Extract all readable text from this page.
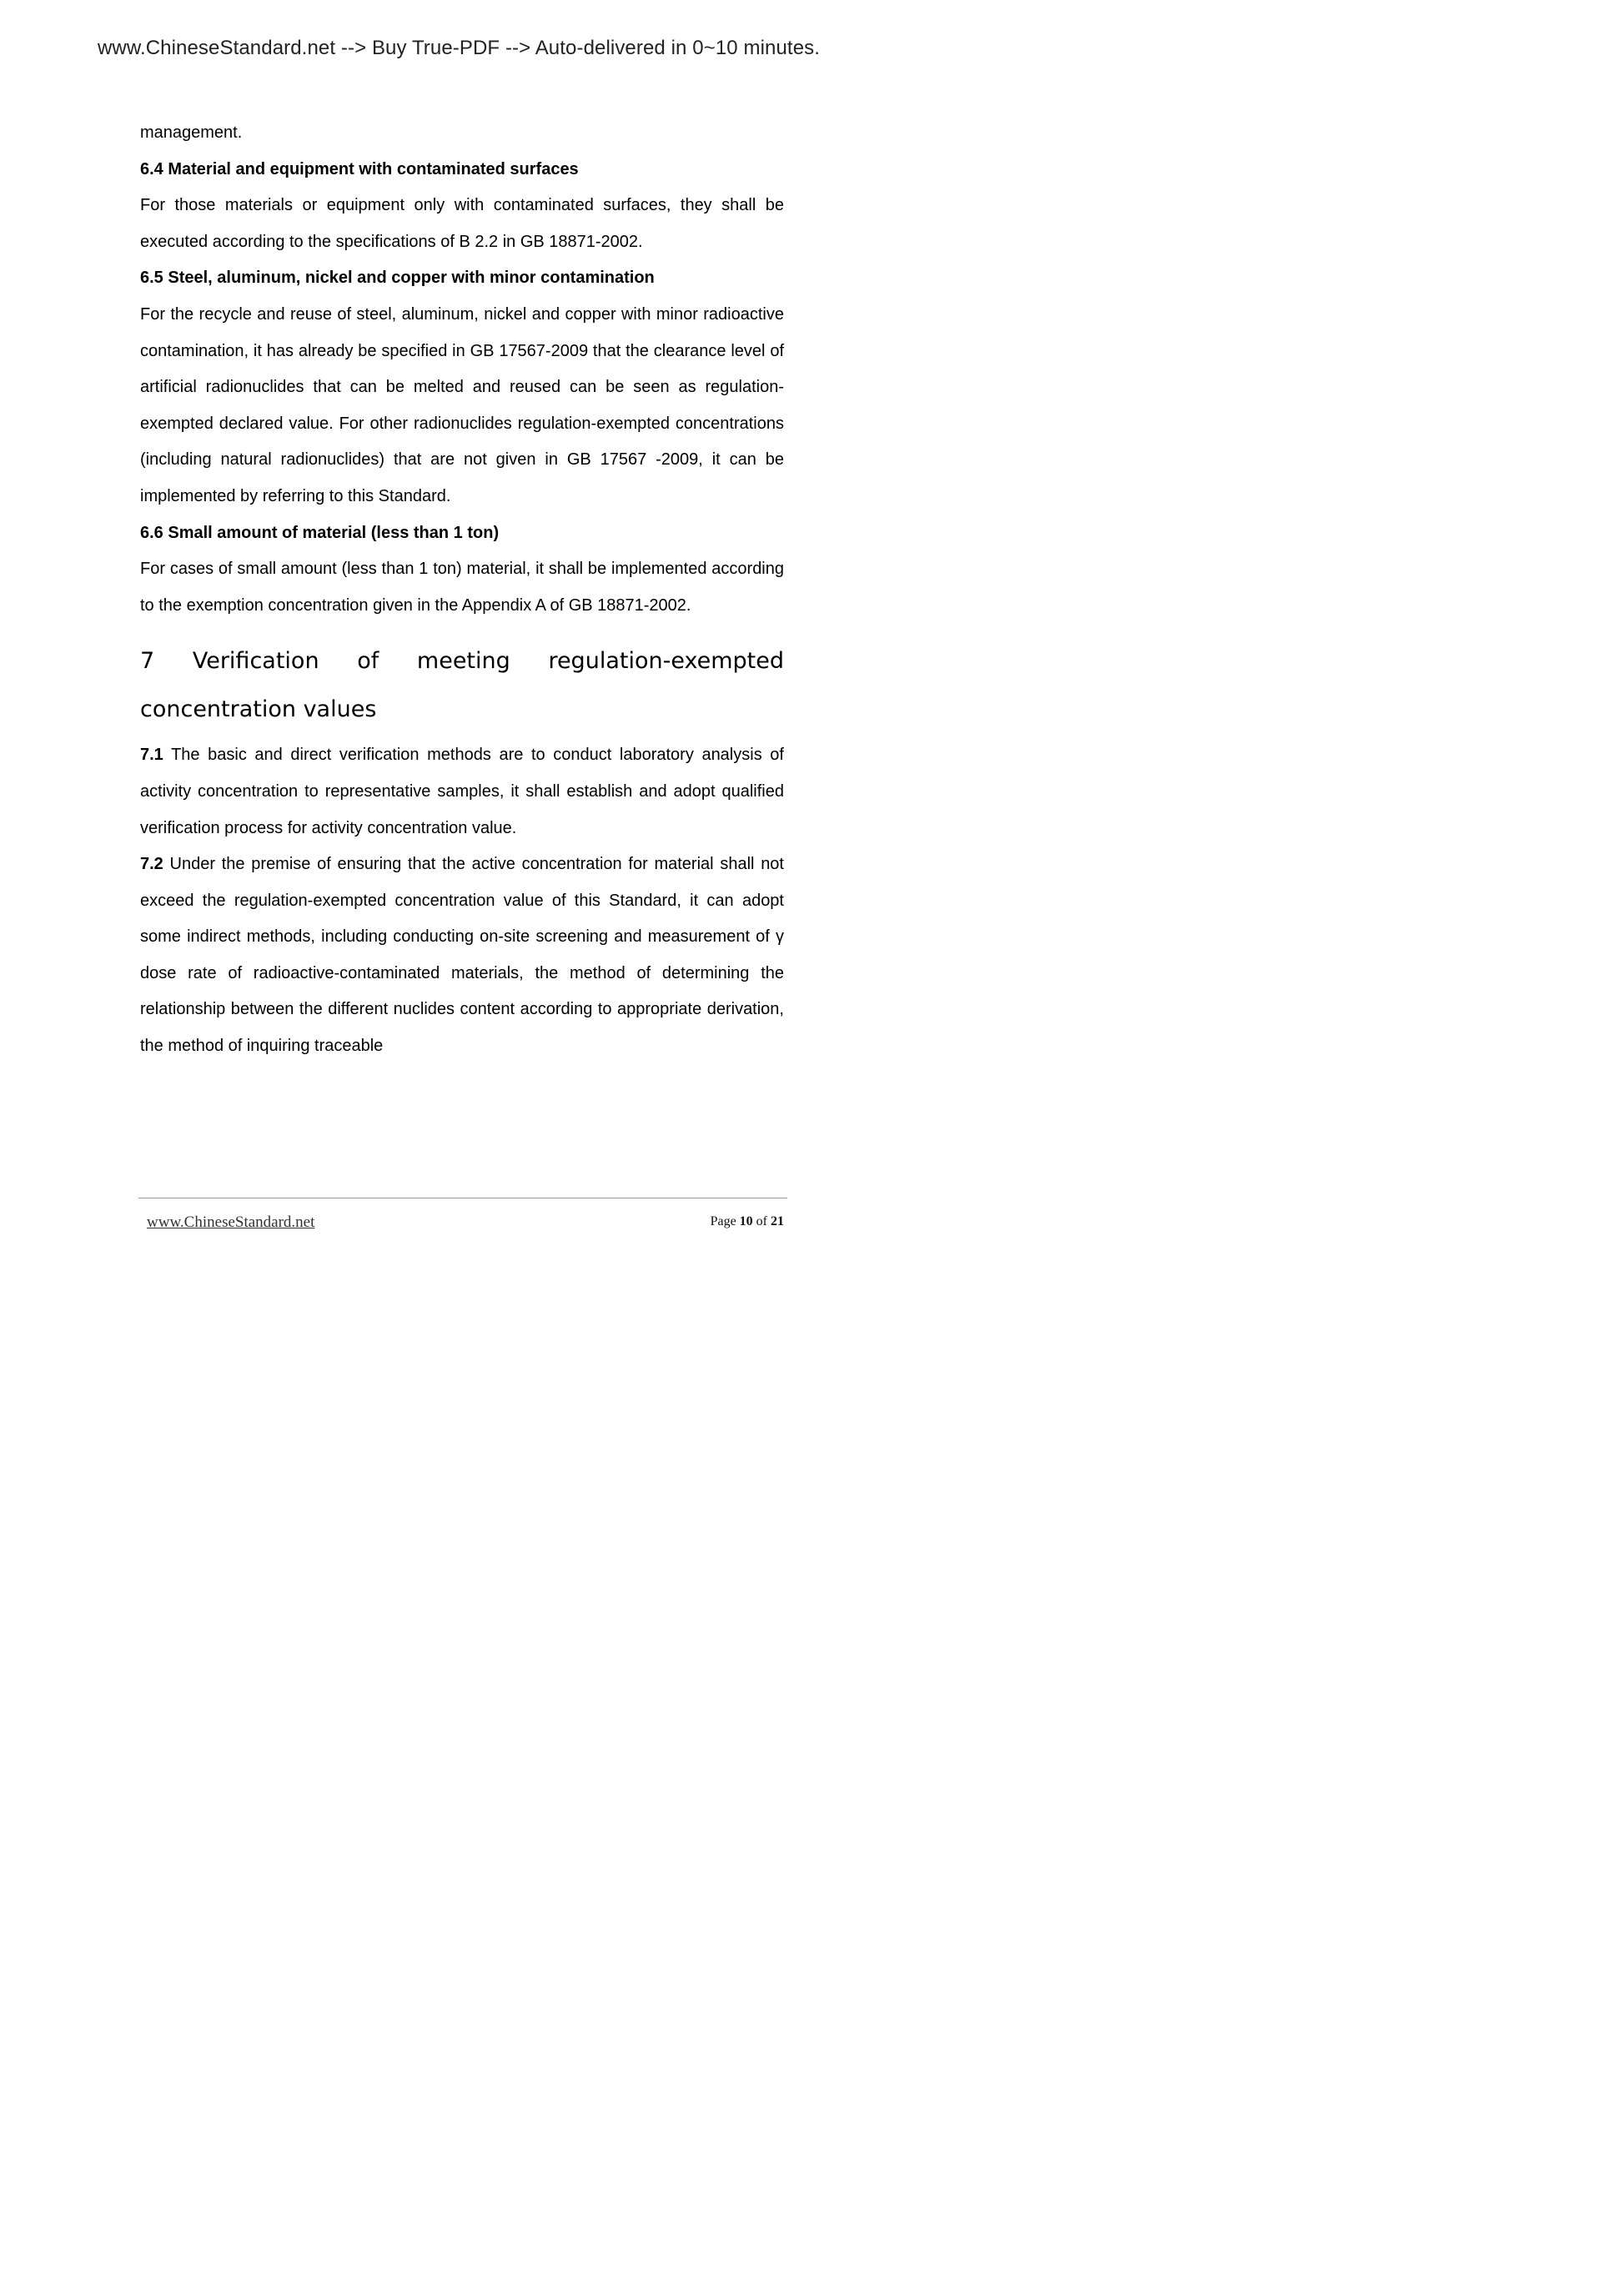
www.ChineseStandard.net --> Buy True-PDF --> Auto-delivered in 0~10 minutes.

management.

6.4 Material and equipment with contaminated surfaces

For those materials or equipment only with contaminated surfaces, they shall be executed according to the specifications of B 2.2 in GB 18871-2002.

6.5 Steel, aluminum, nickel and copper with minor contamination

For the recycle and reuse of steel, aluminum, nickel and copper with minor radioactive contamination, it has already be specified in GB 17567-2009 that the clearance level of artificial radionuclides that can be melted and reused can be seen as regulation-exempted declared value. For other radionuclides regulation-exempted concentrations (including natural radionuclides) that are not given in GB 17567 -2009, it can be implemented by referring to this Standard.

6.6 Small amount of material (less than 1 ton)

For cases of small amount (less than 1 ton) material, it shall be implemented according to the exemption concentration given in the Appendix A of GB 18871-2002.

7 Verification of meeting regulation-exempted concentration values

7.1 The basic and direct verification methods are to conduct laboratory analysis of activity concentration to representative samples, it shall establish and adopt qualified verification process for activity concentration value.

7.2 Under the premise of ensuring that the active concentration for material shall not exceed the regulation-exempted concentration value of this Standard, it can adopt some indirect methods, including conducting on-site screening and measurement of γ dose rate of radioactive-contaminated materials, the method of determining the relationship between the different nuclides content according to appropriate derivation, the method of inquiring traceable

www.ChineseStandard.net	Page 10 of 21
